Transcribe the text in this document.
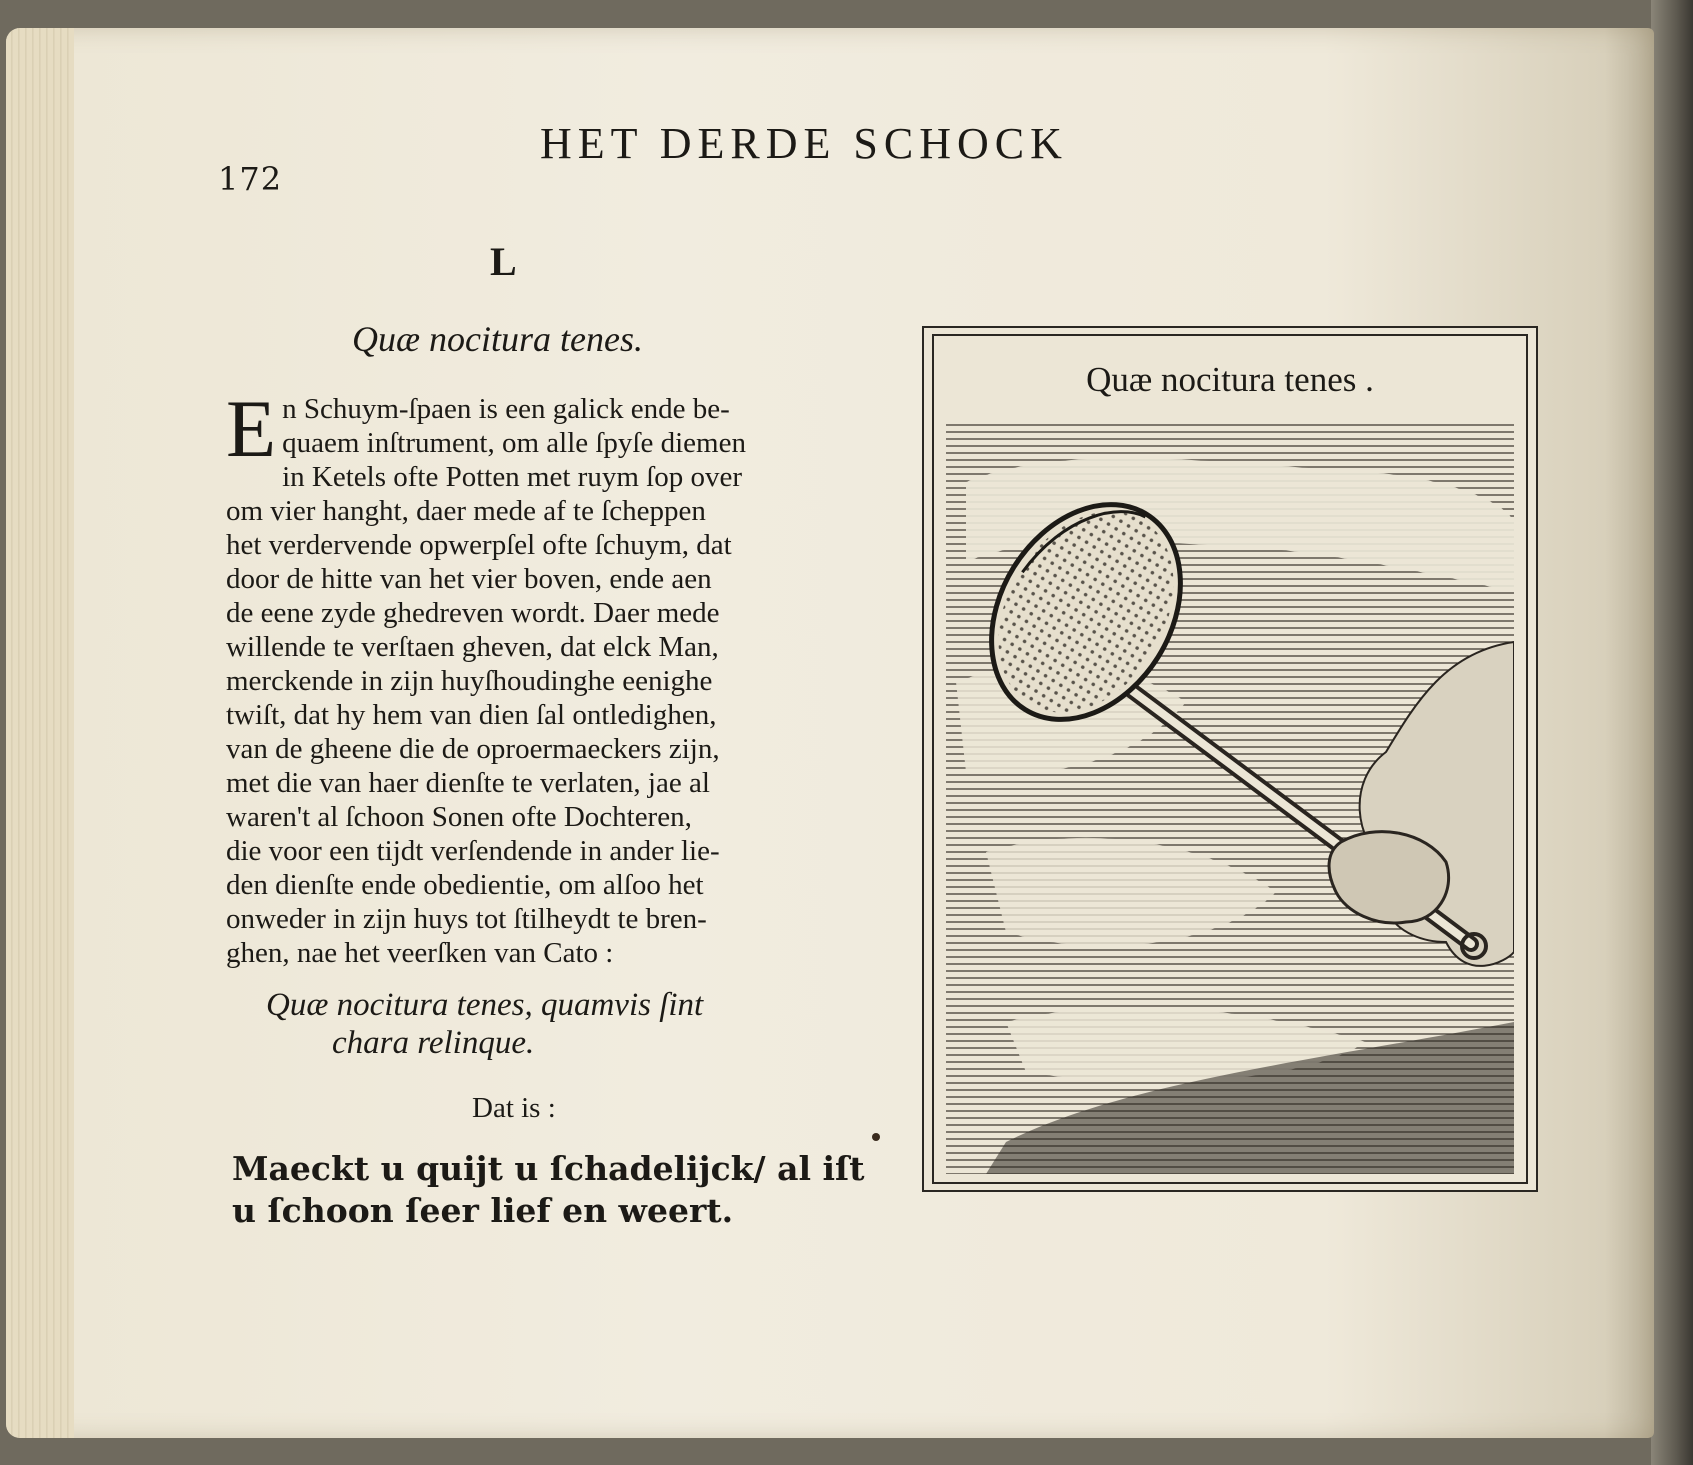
172
HET DERDE SCHOCK
L
Quæ nocitura tenes.
E n Schuym-ſpaen is een galick ende be-
quaem inſtrument, om alle ſpyſe diemen
in Ketels ofte Potten met ruym ſop over
om vier hanght, daer mede af te ſcheppen
het verdervende opwerpſel ofte ſchuym, dat
door de hitte van het vier boven, ende aen
de eene zyde ghedreven wordt. Daer mede
willende te verſtaen gheven, dat elck Man,
merckende in zijn huyſhoudinghe eenighe
twiſt, dat hy hem van dien ſal ontledighen,
van de gheene die de oproermaeckers zijn,
met die van haer dienſte te verlaten, jae al
waren't al ſchoon Sonen ofte Dochteren,
die voor een tijdt verſendende in ander lie-
den dienſte ende obedientie, om alſoo het
onweder in zijn huys tot ſtilheydt te bren-
ghen, nae het veerſken van Cato :
Quæ nocitura tenes, quamvis ſint
chara relinque.
Dat is :
Maeckt u quijt u ſchadelijck/ al iſt
u ſchoon ſeer lief en weert.
Quæ nocitura tenes .
